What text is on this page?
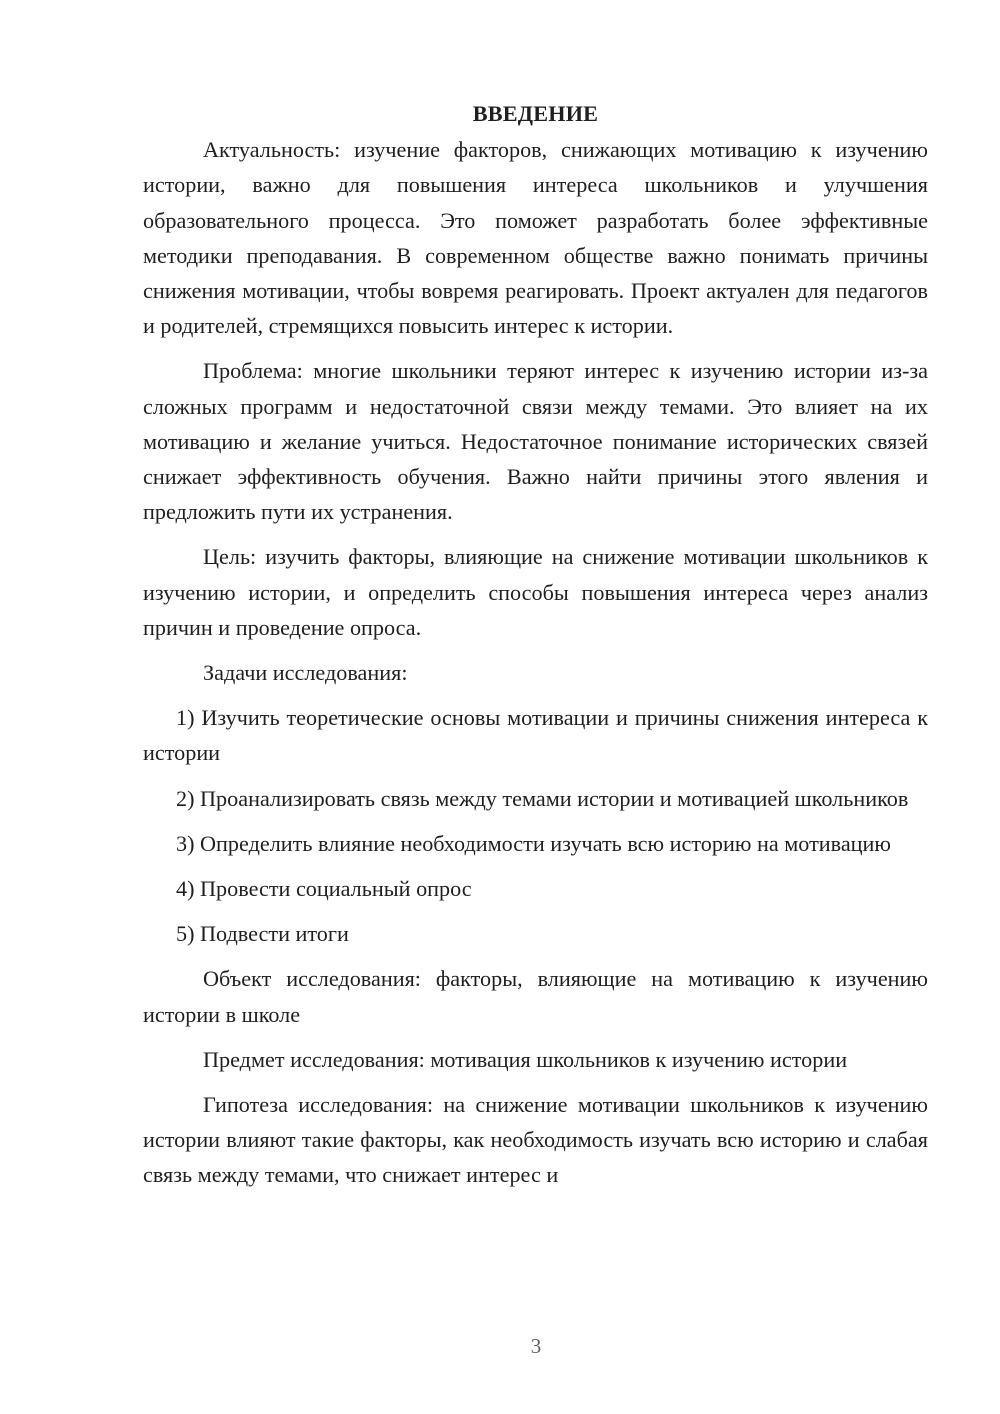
ВВЕДЕНИЕ
Актуальность: изучение факторов, снижающих мотивацию к изучению истории, важно для повышения интереса школьников и улучшения образовательного процесса. Это поможет разработать более эффективные методики преподавания. В современном обществе важно понимать причины снижения мотивации, чтобы вовремя реагировать. Проект актуален для педагогов и родителей, стремящихся повысить интерес к истории.
Проблема: многие школьники теряют интерес к изучению истории из-за сложных программ и недостаточной связи между темами. Это влияет на их мотивацию и желание учиться. Недостаточное понимание исторических связей снижает эффективность обучения. Важно найти причины этого явления и предложить пути их устранения.
Цель: изучить факторы, влияющие на снижение мотивации школьников к изучению истории, и определить способы повышения интереса через анализ причин и проведение опроса.
Задачи исследования:
1) Изучить теоретические основы мотивации и причины снижения интереса к истории
2) Проанализировать связь между темами истории и мотивацией школьников
3) Определить влияние необходимости изучать всю историю на мотивацию
4) Провести социальный опрос
5) Подвести итоги
Объект исследования: факторы, влияющие на мотивацию к изучению истории в школе
Предмет исследования: мотивация школьников к изучению истории
Гипотеза исследования: на снижение мотивации школьников к изучению истории влияют такие факторы, как необходимость изучать всю историю и слабая связь между темами, что снижает интерес и
3
